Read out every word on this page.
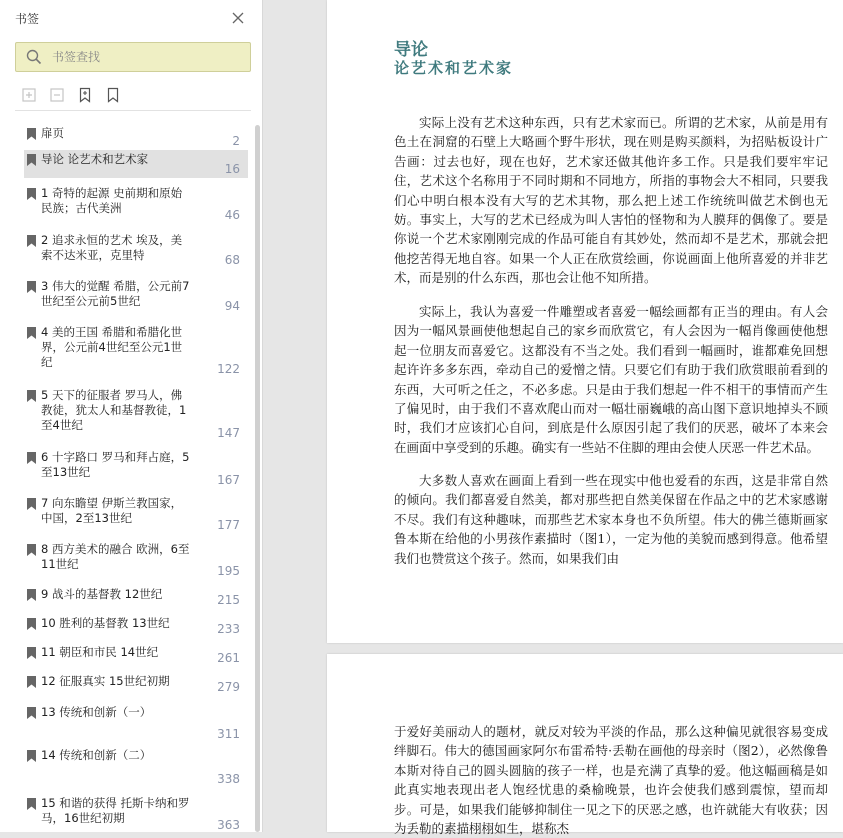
书签
书签查找
扉页
2
导论 论艺术和艺术家
16
1 奇特的起源 史前期和原始民族；古代美洲	46
2 追求永恒的艺术 埃及，美索不达米亚，克里特	68
3 伟大的觉醒 希腊，公元前7世纪至公元前5世纪	94
4 美的王国 希腊和希腊化世界，公元前4世纪至公元1世纪	122
5 天下的征服者 罗马人，佛教徒，犹太人和基督教徒，1至4世纪
147
6 十字路口 罗马和拜占庭，5至13世纪
167
7 向东瞻望 伊斯兰教国家，中国，2至13世纪	177
8 西方美术的融合 欧洲，6至11世纪	195
9 战斗的基督教 12世纪	215
10 胜利的基督教 13世纪	233
11 朝臣和市民 14世纪	261
12 征服真实 15世纪初期	279
13 传统和创新（一）
311
14 传统和创新（二）
338
15 和谐的获得 托斯卡纳和罗马，16世纪初期	363
导论
论艺术和艺术家

实际上没有艺术这种东西，只有艺术家而已。所谓的艺术家，从前是用有色土在洞窟的石壁上大略画个野牛形状，现在则是购买颜料，为招贴板设计广告画：过去也好，现在也好，艺术家还做其他许多工作。只是我们要牢牢记住，艺术这个名称用于不同时期和不同地方，所指的事物会大不相同，只要我们心中明白根本没有大写的艺术其物，那么把上述工作统统叫做艺术倒也无妨。事实上，大写的艺术已经成为叫人害怕的怪物和为人膜拜的偶像了。要是你说一个艺术家刚刚完成的作品可能自有其妙处，然而却不是艺术，那就会把他挖苦得无地自容。如果一个人正在欣赏绘画，你说画面上他所喜爱的并非艺术，而是别的什么东西，那也会让他不知所措。

实际上，我认为喜爱一件雕塑或者喜爱一幅绘画都有正当的理由。有人会因为一幅风景画使他想起自己的家乡而欣赏它，有人会因为一幅肖像画使他想起一位朋友而喜爱它。这都没有不当之处。我们看到一幅画时，谁都难免回想起许许多多东西，牵动自己的爱憎之情。只要它们有助于我们欣赏眼前看到的东西，大可听之任之，不必多虑。只是由于我们想起一件不相干的事情而产生了偏见时，由于我们不喜欢爬山而对一幅壮丽巍峨的高山图下意识地掉头不顾时，我们才应该扪心自问，到底是什么原因引起了我们的厌恶，破坏了本来会在画面中享受到的乐趣。确实有一些站不住脚的理由会使人厌恶一件艺术品。

大多数人喜欢在画面上看到一些在现实中他也爱看的东西，这是非常自然的倾向。我们都喜爱自然美，都对那些把自然美保留在作品之中的艺术家感谢不尽。我们有这种趣味，而那些艺术家本身也不负所望。伟大的佛兰德斯画家鲁本斯在给他的小男孩作素描时（图1），一定为他的美貌而感到得意。他希望我们也赞赏这个孩子。然而，如果我们由

于爱好美丽动人的题材，就反对较为平淡的作品，那么这种偏见就很容易变成绊脚石。伟大的德国画家阿尔布雷希特·丢勒在画他的母亲时（图2），必然像鲁本斯对待自己的圆头圆脑的孩子一样，也是充满了真挚的爱。他这幅画稿是如此真实地表现出老人饱经忧患的桑榆晚景，也许会使我们感到震惊，望而却步。可是，如果我们能够抑制住一见之下的厌恶之感，也许就能大有收获；因为丢勒的素描栩栩如生，堪称杰
